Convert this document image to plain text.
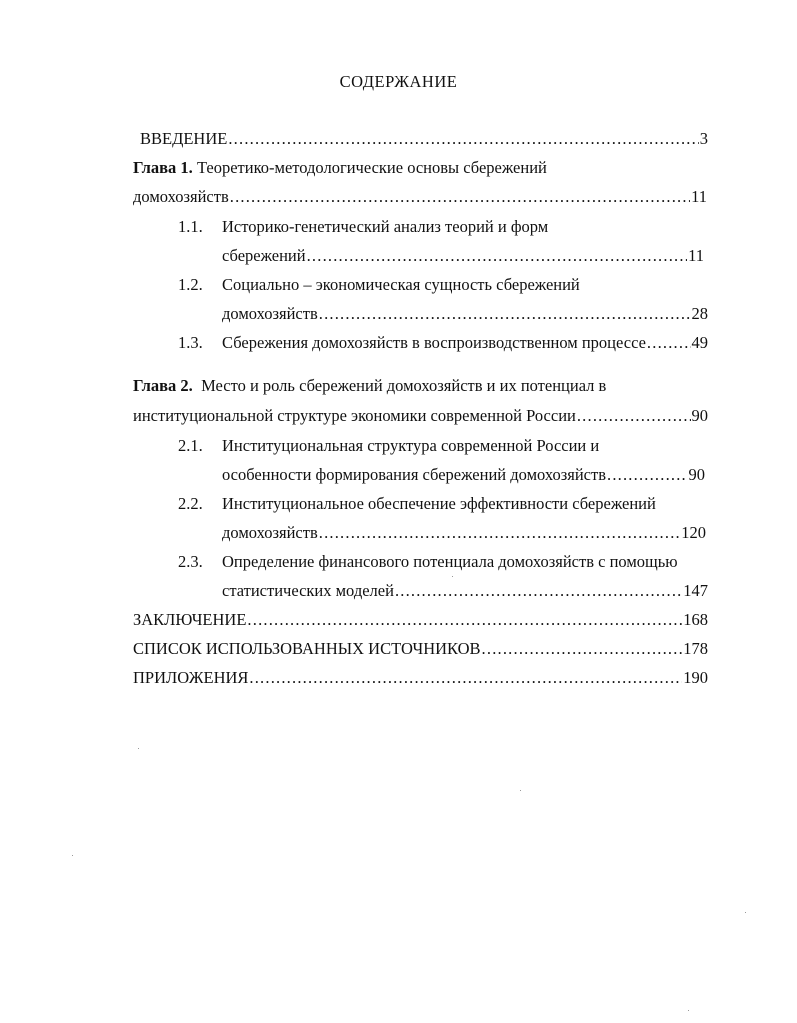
СОДЕРЖАНИЕ
ВВЕДЕНИЕ .....	3
Глава 1.
Теоретико-методологические основы сбережений
домохозяйств .....	11
1.1. Историко-генетический анализ теорий и форм
сбережений .....	11
1.2. Социально – экономическая сущность сбережений
домохозяйств .....	28
1.3. Сбережения домохозяйств в воспроизводственном процессе .....	49
Глава 2.
Место и роль сбережений домохозяйств и их потенциал в
институциональной структуре экономики современной России .....	90
2.1. Институциональная структура современной России и
особенности формирования сбережений домохозяйств .....	90
2.2. Институциональное обеспечение эффективности сбережений
домохозяйств .....	120
2.3. Определение финансового потенциала домохозяйств с помощью
статистических моделей .....	147
ЗАКЛЮЧЕНИЕ .....	168
СПИСОК ИСПОЛЬЗОВАННЫХ ИСТОЧНИКОВ .....	178
ПРИЛОЖЕНИЯ .....	190
